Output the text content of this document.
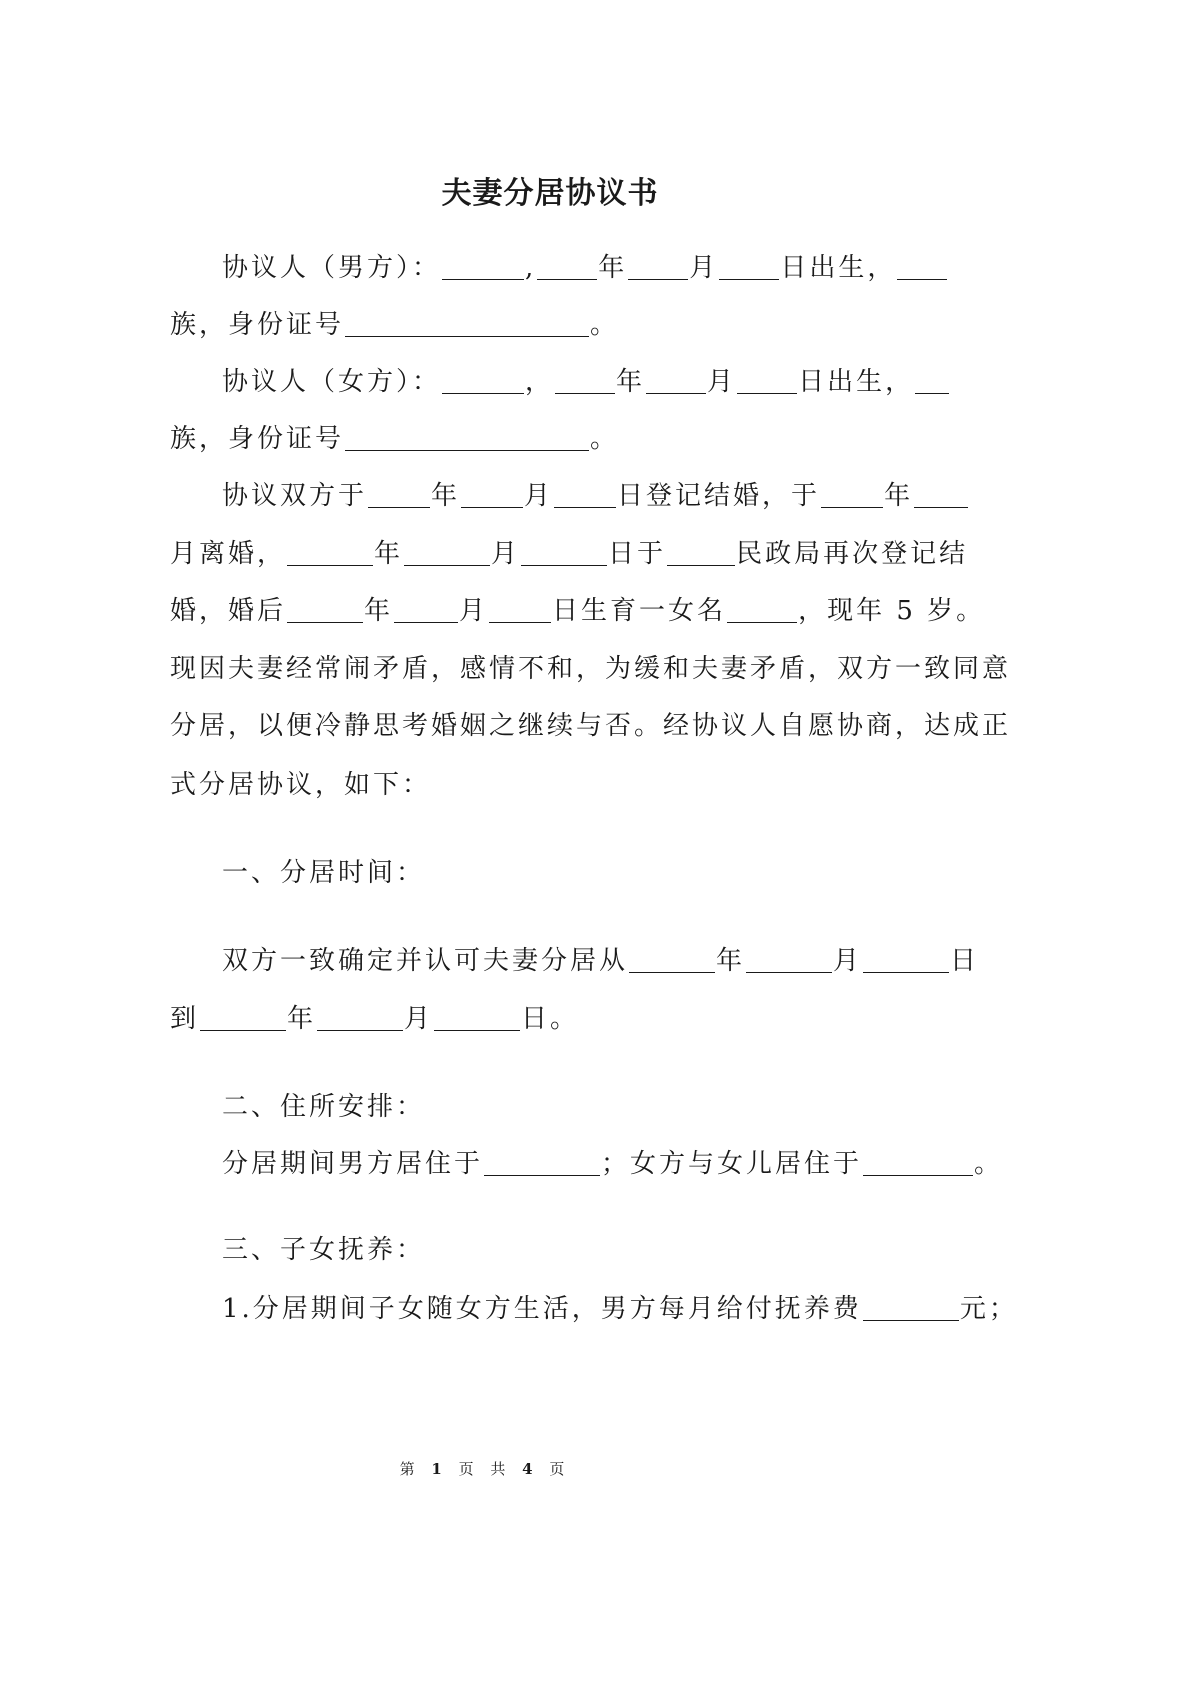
夫妻分居协议书

协议人（男方）：	, 年 月 日出生，

族，身份证号	。

协议人（女方）：	， 年 月 日出生，

族，身份证号	。

协议双方于 年 月 日登记结婚，于 年

月离婚，	年	月	日于	民政局再次登记结

婚，婚后	年	月 日生育一女名	，现年 5 岁。

现因夫妻经常闹矛盾，感情不和，为缓和夫妻矛盾，双方一致同意

分居，以便冷静思考婚姻之继续与否。经协议人自愿协商，达成正

式分居协议，如下：

一、分居时间：

双方一致确定并认可夫妻分居从	年	月	日

到	年	月	日。

二、住所安排：

分居期间男方居住于	；女方与女儿居住于	。

三、子女抚养：

1.分居期间子女随女方生活，男方每月给付抚养费	元；

第 1 页 共 4 页
